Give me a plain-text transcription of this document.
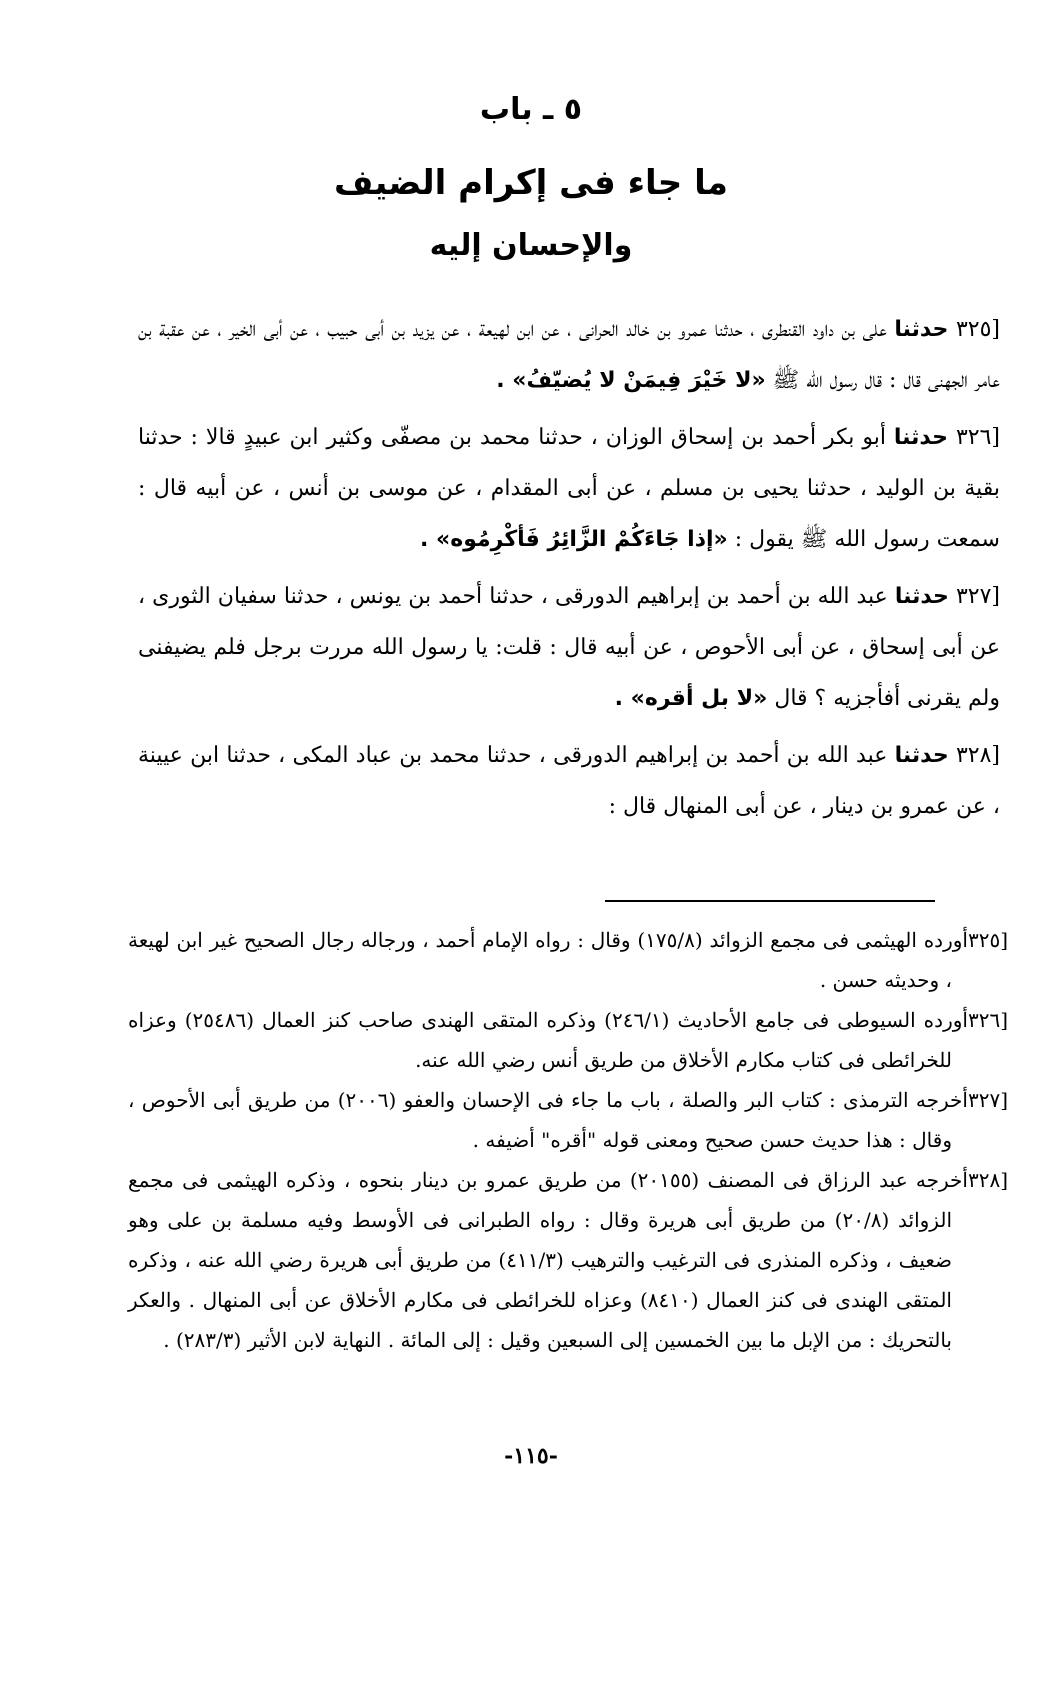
٥ ـ باب
ما جاء فى إكرام الضيف
والإحسان إليه

[٣٢٥ حدثنا على بن داود القنطرى ، حدثنا عمرو بن خالد الحرانى ، عن ابن لهيعة ، عن يزيد بن أبى حبيب ، عن أبى الخير ، عن عقبة بن عامر الجهنى قال : قال رسول الله ﷺ «لا خَيْرَ فِيمَنْ لا يُضيّفُ» .

[٣٢٦ حدثنا أبو بكر أحمد بن إسحاق الوزان ، حدثنا محمد بن مصفّى وكثير ابن عبيدٍ قالا : حدثنا بقية بن الوليد ، حدثنا يحيى بن مسلم ، عن أبى المقدام ، عن موسى بن أنس ، عن أبيه قال : سمعت رسول الله ﷺ يقول : «إذا جَاءَكُمْ الزَّائِرُ فَأكْرِمُوه» .

[٣٢٧ حدثنا عبد الله بن أحمد بن إبراهيم الدورقى ، حدثنا أحمد بن يونس ، حدثنا سفيان الثورى ، عن أبى إسحاق ، عن أبى الأحوص ، عن أبيه قال : قلت: يا رسول الله مررت برجل فلم يضيفنى ولم يقرنى أفأجزيه ؟ قال «لا بل أقره» .

[٣٢٨ حدثنا عبد الله بن أحمد بن إبراهيم الدورقى ، حدثنا محمد بن عباد المكى ، حدثنا ابن عيينة ، عن عمرو بن دينار ، عن أبى المنهال قال :

[٣٢٥أورده الهيثمى فى مجمع الزوائد (١٧٥/٨) وقال : رواه الإمام أحمد ، ورجاله رجال الصحيح غير ابن لهيعة ، وحديثه حسن .

[٣٢٦أورده السيوطى فى جامع الأحاديث (٢٤٦/١) وذكره المتقى الهندى صاحب كنز العمال (٢٥٤٨٦) وعزاه للخرائطى فى كتاب مكارم الأخلاق من طريق أنس رضي الله عنه.

[٣٢٧أخرجه الترمذى : كتاب البر والصلة ، باب ما جاء فى الإحسان والعفو (٢٠٠٦) من طريق أبى الأحوص ، وقال : هذا حديث حسن صحيح ومعنى قوله "أقره" أضيفه .

[٣٢٨أخرجه عبد الرزاق فى المصنف (٢٠١٥٥) من طريق عمرو بن دينار بنحوه ، وذكره الهيثمى فى مجمع الزوائد (٢٠/٨) من طريق أبى هريرة وقال : رواه الطبرانى فى الأوسط وفيه مسلمة بن على وهو ضعيف ، وذكره المنذرى فى الترغيب والترهيب (٤١١/٣) من طريق أبى هريرة رضي الله عنه ، وذكره المتقى الهندى فى كنز العمال (٨٤١٠) وعزاه للخرائطى فى مكارم الأخلاق عن أبى المنهال . والعكر بالتحريك : من الإبل ما بين الخمسين إلى السبعين وقيل : إلى المائة . النهاية لابن الأثير (٢٨٣/٣) .

-١١٥-
